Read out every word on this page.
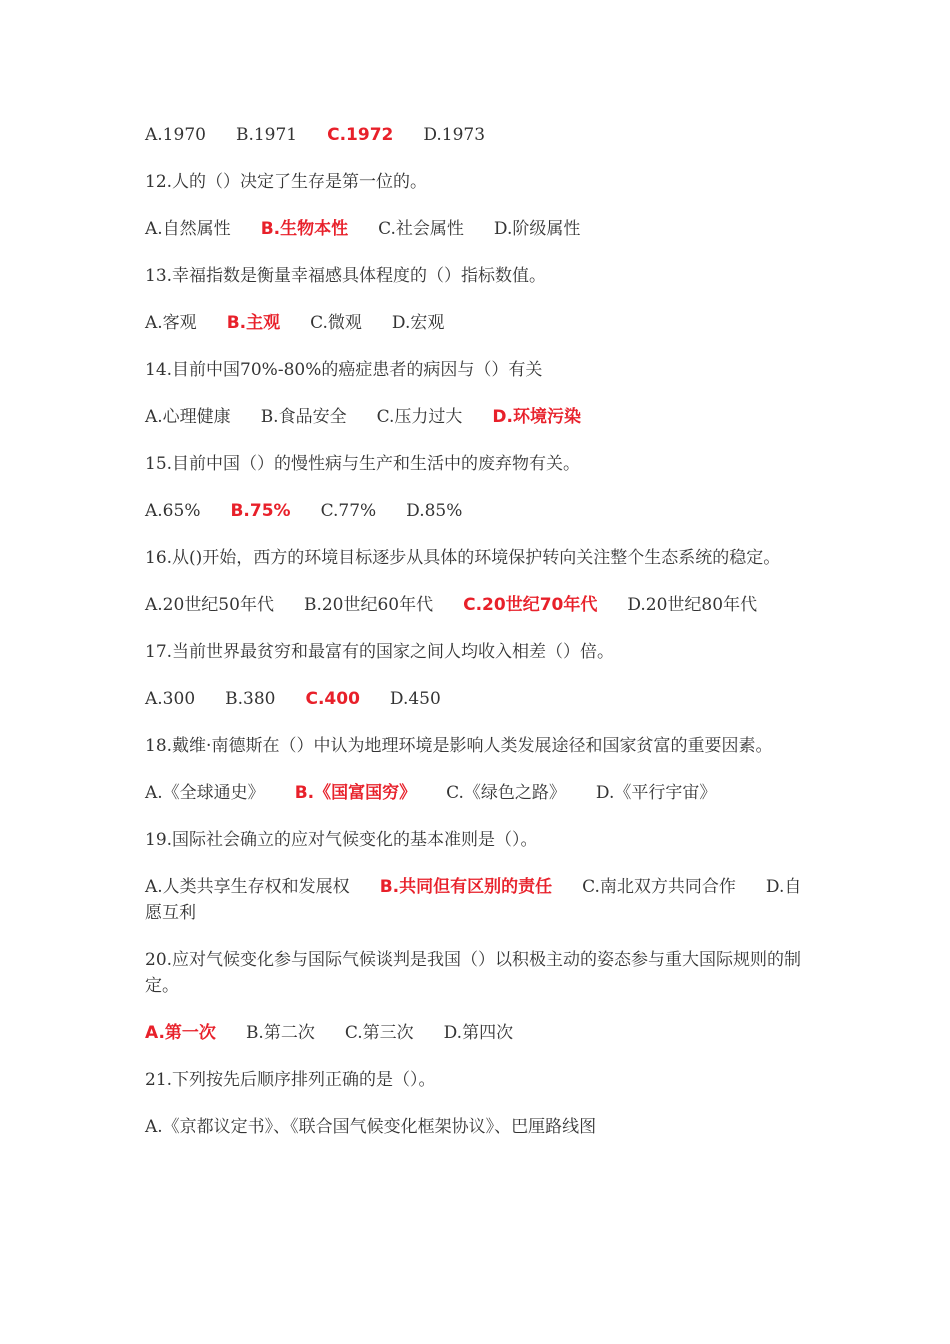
A.1970 B.1971 C.1972 D.1973
12.人的（）决定了生存是第一位的。
A.自然属性 B.生物本性 C.社会属性 D.阶级属性
13.幸福指数是衡量幸福感具体程度的（）指标数值。
A.客观 B.主观 C.微观 D.宏观
14.目前中国70%-80%的癌症患者的病因与（）有关
A.心理健康 B.食品安全 C.压力过大 D.环境污染
15.目前中国（）的慢性病与生产和生活中的废弃物有关。
A.65% B.75% C.77% D.85%
16.从()开始，西方的环境目标逐步从具体的环境保护转向关注整个生态系统的稳定。
A.20世纪50年代 B.20世纪60年代 C.20世纪70年代 D.20世纪80年代
17.当前世界最贫穷和最富有的国家之间人均收入相差（）倍。
A.300 B.380 C.400 D.450
18.戴维·南德斯在（）中认为地理环境是影响人类发展途径和国家贫富的重要因素。
A.《全球通史》 B.《国富国穷》 C.《绿色之路》 D.《平行宇宙》
19.国际社会确立的应对气候变化的基本准则是（）。
A.人类共享生存权和发展权 B.共同但有区别的责任 C.南北双方共同合作 D.自愿互利
20.应对气候变化参与国际气候谈判是我国（）以积极主动的姿态参与重大国际规则的制定。
A.第一次 B.第二次 C.第三次 D.第四次
21.下列按先后顺序排列正确的是（）。
A.《京都议定书》、《联合国气候变化框架协议》、巴厘路线图
